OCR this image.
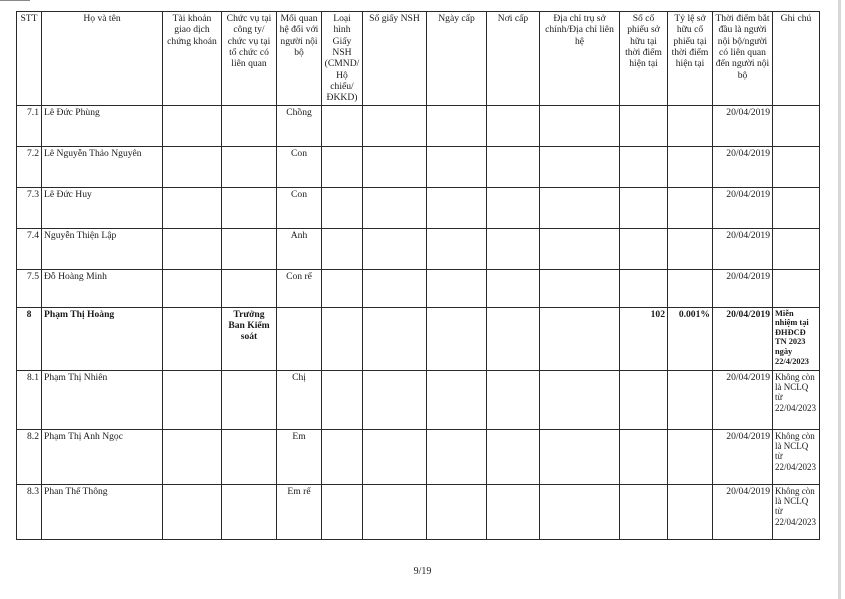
STT	Họ và tên	Tài khoản giao dịch chứng khoán	Chức vụ tại công ty/ chức vụ tại tổ chức có liên quan	Mối quan hệ đối với người nội bộ	Loại hình Giấy NSH (CMND/ Hộ chiếu/ ĐKKD)	Số giấy NSH	Ngày cấp	Nơi cấp	Địa chỉ trụ sở chính/Địa chỉ liên hệ	Số cổ phiếu sở hữu tại thời điểm hiện tại	Tỷ lệ sở hữu cổ phiếu tại thời điểm hiện tại	Thời điểm bắt đầu là người nội bộ/người có liên quan đến người nội bộ	Ghi chú
7.1	Lê Đức Phùng			Chồng								20/04/2019	
7.2	Lê Nguyễn Thảo Nguyên			Con								20/04/2019	
7.3	Lê Đức Huy			Con								20/04/2019	
7.4	Nguyễn Thiện Lập			Anh								20/04/2019	
7.5	Đỗ Hoàng Minh			Con rể								20/04/2019	
8	Phạm Thị Hoàng		Trưởng Ban Kiểm soát							102	0.001%	20/04/2019	Miễn nhiệm tại ĐHĐCĐ TN 2023 ngày 22/4/2023
8.1	Phạm Thị Nhiên			Chị								20/04/2019	Không còn là NCLQ từ 22/04/2023
8.2	Phạm Thị Anh Ngọc			Em								20/04/2019	Không còn là NCLQ từ 22/04/2023
8.3	Phan Thế Thông			Em rể								20/04/2019	Không còn là NCLQ từ 22/04/2023
9/19
